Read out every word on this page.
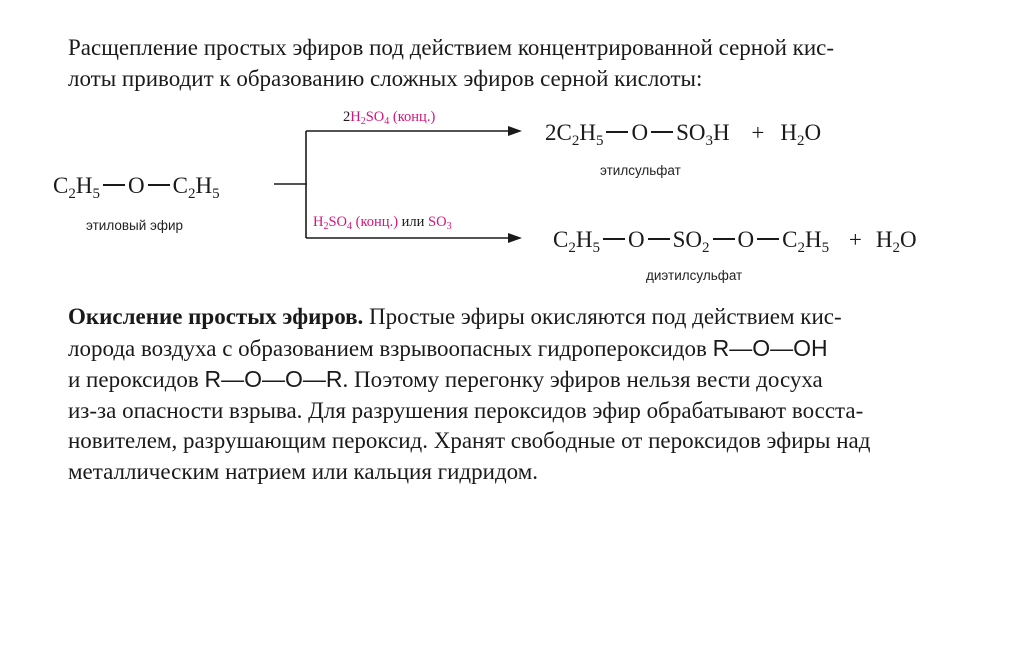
Расщепление простых эфиров под действием концентрированной серной кис-
лоты приводит к образованию сложных эфиров серной кислоты:
$C_2H_5$ O $C_2H_5$
этиловый эфир
$2H_2SO_4$ (конц.)
$H_2SO_4$ (конц.) или $SO_3$
$2C_2H_5$ O $SO_3H + H_2O$
этилсульфат
$C_2H_5$ O $SO_2$ O $C_2H_5 + H_2O$
диэтилсульфат
Окисление простых эфиров. Простые эфиры окисляются под действием кис-
лорода воздуха с образованием взрывоопасных гидропероксидов R—O—OH
и пероксидов R—O—O—R. Поэтому перегонку эфиров нельзя вести досуха
из-за опасности взрыва. Для разрушения пероксидов эфир обрабатывают восста-
новителем, разрушающим пероксид. Хранят свободные от пероксидов эфиры над
металлическим натрием или кальция гидридом.
